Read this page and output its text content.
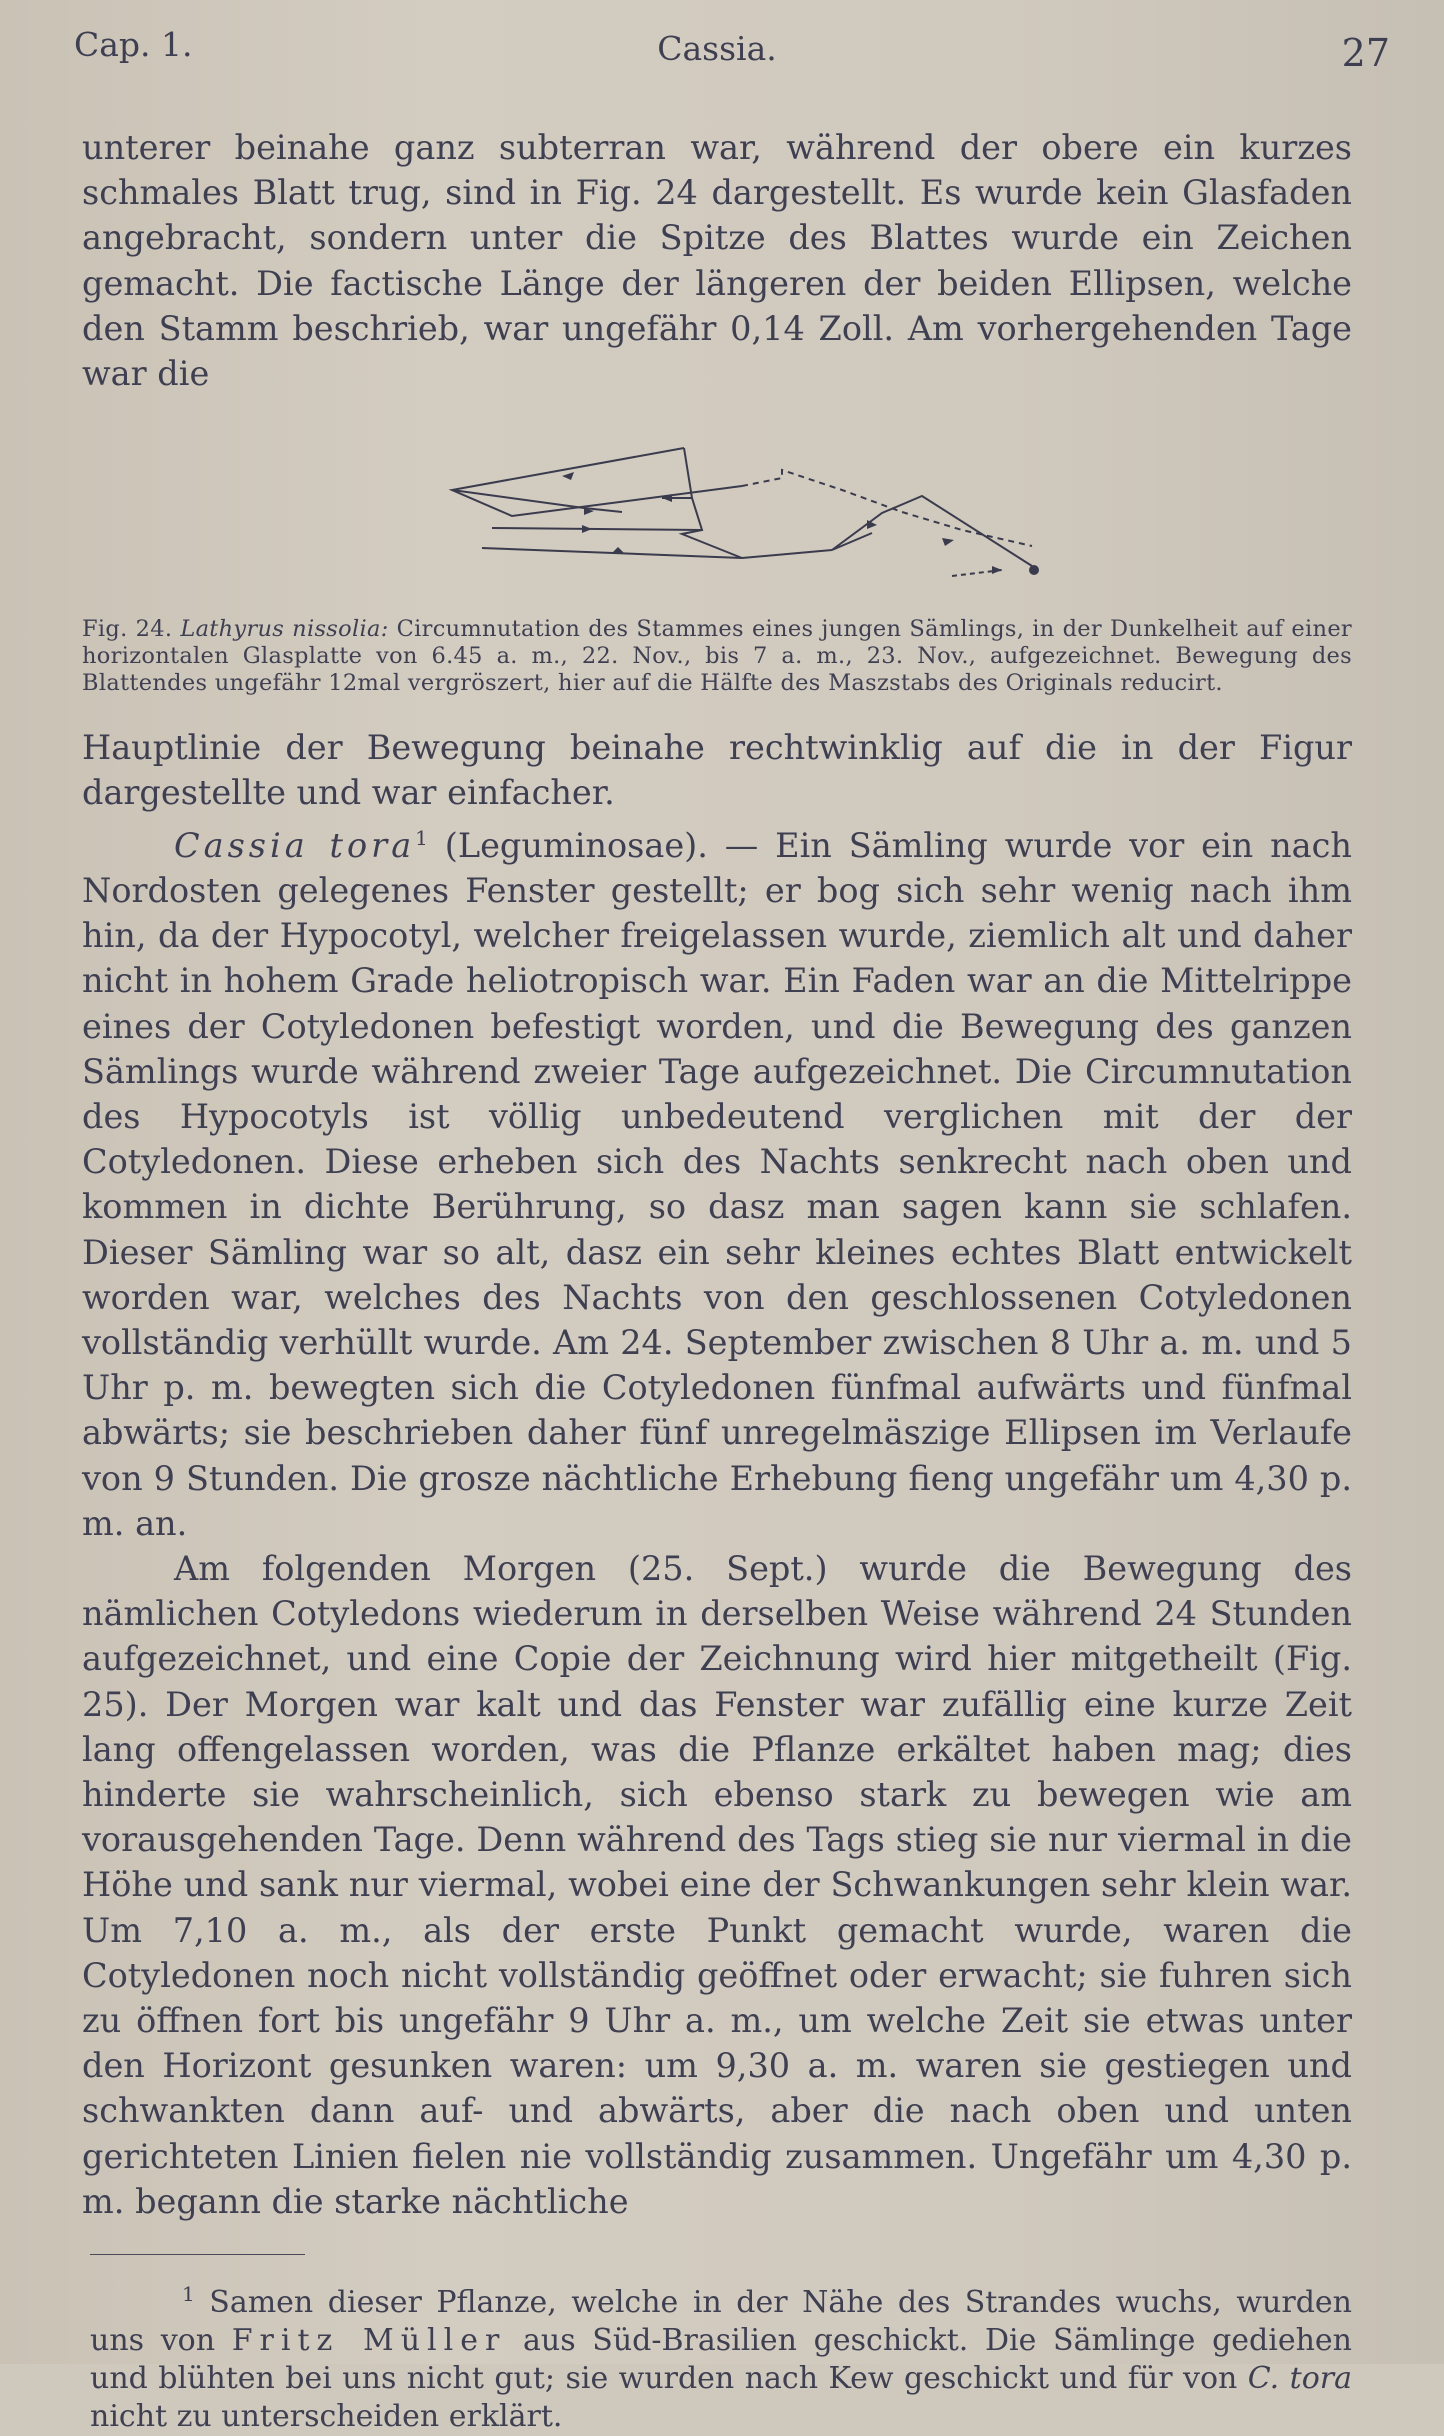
Cap. 1.	Cassia.	27

unterer beinahe ganz subterran war, während der obere ein kurzes schmales Blatt trug, sind in Fig. 24 dargestellt. Es wurde kein Glasfaden angebracht, sondern unter die Spitze des Blattes wurde ein Zeichen gemacht. Die factische Länge der längeren der beiden Ellipsen, welche den Stamm beschrieb, war ungefähr 0,14 Zoll. Am vorhergehenden Tage war die

Fig. 24. Lathyrus nissolia: Circumnutation des Stammes eines jungen Sämlings, in der Dunkelheit auf einer horizontalen Glasplatte von 6.45 a. m., 22. Nov., bis 7 a. m., 23. Nov., aufgezeichnet. Bewegung des Blattendes ungefähr 12mal vergröszert, hier auf die Hälfte des Maszstabs des Originals reducirt.

Hauptlinie der Bewegung beinahe rechtwinklig auf die in der Figur dargestellte und war einfacher.

Cassia tora$^1$ (Leguminosae). — Ein Sämling wurde vor ein nach Nordosten gelegenes Fenster gestellt; er bog sich sehr wenig nach ihm hin, da der Hypocotyl, welcher freigelassen wurde, ziemlich alt und daher nicht in hohem Grade heliotropisch war. Ein Faden war an die Mittelrippe eines der Cotyledonen befestigt worden, und die Bewegung des ganzen Sämlings wurde während zweier Tage aufgezeichnet. Die Circumnutation des Hypocotyls ist völlig unbedeutend verglichen mit der der Cotyledonen. Diese erheben sich des Nachts senkrecht nach oben und kommen in dichte Berührung, so dasz man sagen kann sie schlafen. Dieser Sämling war so alt, dasz ein sehr kleines echtes Blatt entwickelt worden war, welches des Nachts von den geschlossenen Cotyledonen vollständig verhüllt wurde. Am 24. September zwischen 8 Uhr a. m. und 5 Uhr p. m. bewegten sich die Cotyledonen fünfmal aufwärts und fünfmal abwärts; sie beschrieben daher fünf unregelmäszige Ellipsen im Verlaufe von 9 Stunden. Die grosze nächtliche Erhebung fieng ungefähr um 4,30 p. m. an.

Am folgenden Morgen (25. Sept.) wurde die Bewegung des nämlichen Cotyledons wiederum in derselben Weise während 24 Stunden aufgezeichnet, und eine Copie der Zeichnung wird hier mitgetheilt (Fig. 25). Der Morgen war kalt und das Fenster war zufällig eine kurze Zeit lang offengelassen worden, was die Pflanze erkältet haben mag; dies hinderte sie wahrscheinlich, sich ebenso stark zu bewegen wie am vorausgehenden Tage. Denn während des Tags stieg sie nur viermal in die Höhe und sank nur viermal, wobei eine der Schwankungen sehr klein war. Um 7,10 a. m., als der erste Punkt gemacht wurde, waren die Cotyledonen noch nicht vollständig geöffnet oder erwacht; sie fuhren sich zu öffnen fort bis ungefähr 9 Uhr a. m., um welche Zeit sie etwas unter den Horizont gesunken waren: um 9,30 a. m. waren sie gestiegen und schwankten dann auf- und abwärts, aber die nach oben und unten gerichteten Linien fielen nie vollständig zusammen. Ungefähr um 4,30 p. m. begann die starke nächtliche

$^1$ Samen dieser Pflanze, welche in der Nähe des Strandes wuchs, wurden uns von Fritz Müller aus Süd-Brasilien geschickt. Die Sämlinge gediehen und blühten bei uns nicht gut; sie wurden nach Kew geschickt und für von C. tora nicht zu unterscheiden erklärt.
